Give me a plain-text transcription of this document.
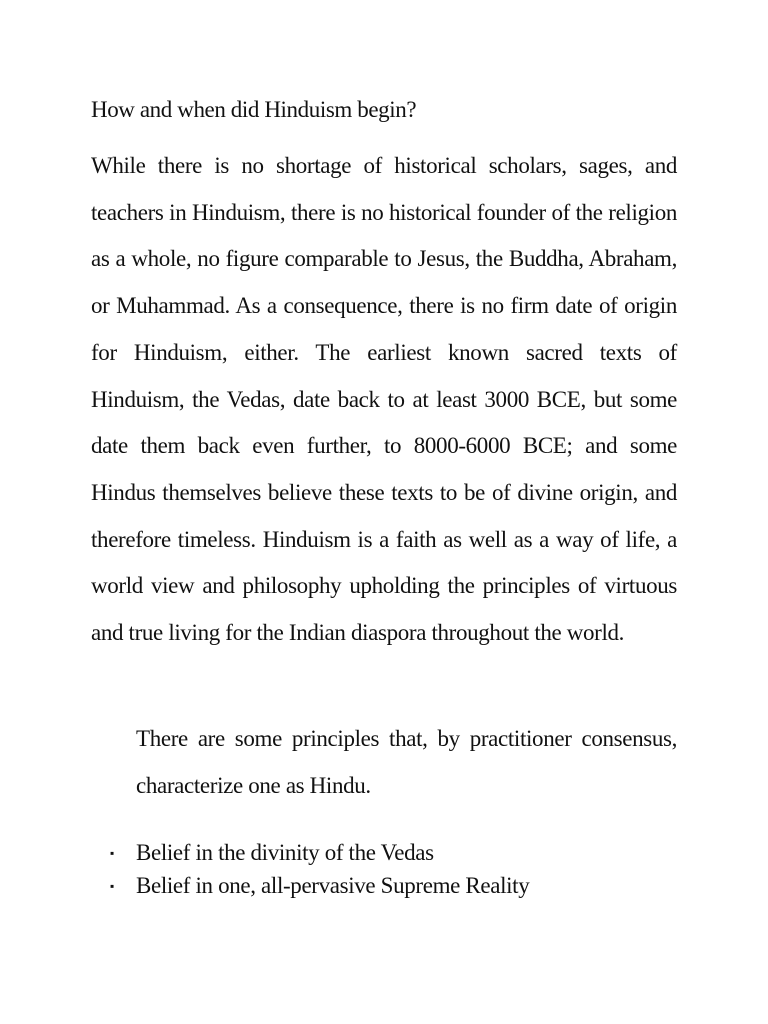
How and when did Hinduism begin?

While there is no shortage of historical scholars, sages, and teachers in Hinduism, there is no historical founder of the religion as a whole, no figure comparable to Jesus, the Buddha, Abraham, or Muhammad. As a consequence, there is no firm date of origin for Hinduism, either. The earliest known sacred texts of Hinduism, the Vedas, date back to at least 3000 BCE, but some date them back even further, to 8000-6000 BCE; and some Hindus themselves believe these texts to be of divine origin, and therefore timeless. Hinduism is a faith as well as a way of life, a world view and philosophy upholding the principles of virtuous and true living for the Indian diaspora throughout the world.

There are some principles that, by practitioner consensus, characterize one as Hindu.

▪ Belief in the divinity of the Vedas
▪ Belief in one, all-pervasive Supreme Reality
